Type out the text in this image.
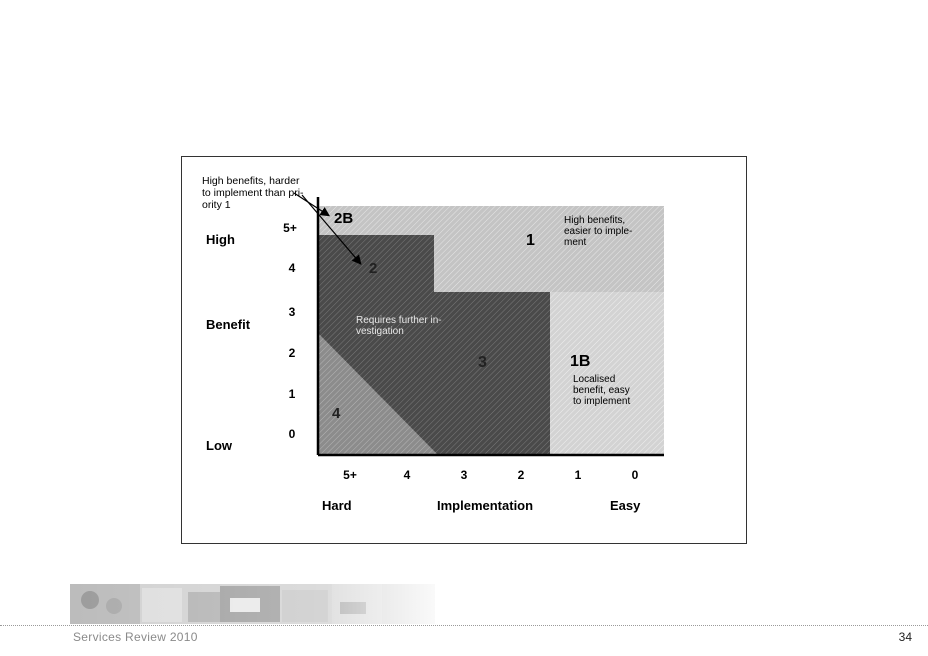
High benefits, harder
to implement than pri-
ority 1
High
Benefit
Low
5+
4
3
2
1
0
5+	4	3	2	1	0
Hard	Implementation	Easy
2B
1
High benefits,
easier to imple-
ment
2
Requires further in-
vestigation
3	1B
Localised
benefit, easy
to implement
4
Services Review 2010	34
